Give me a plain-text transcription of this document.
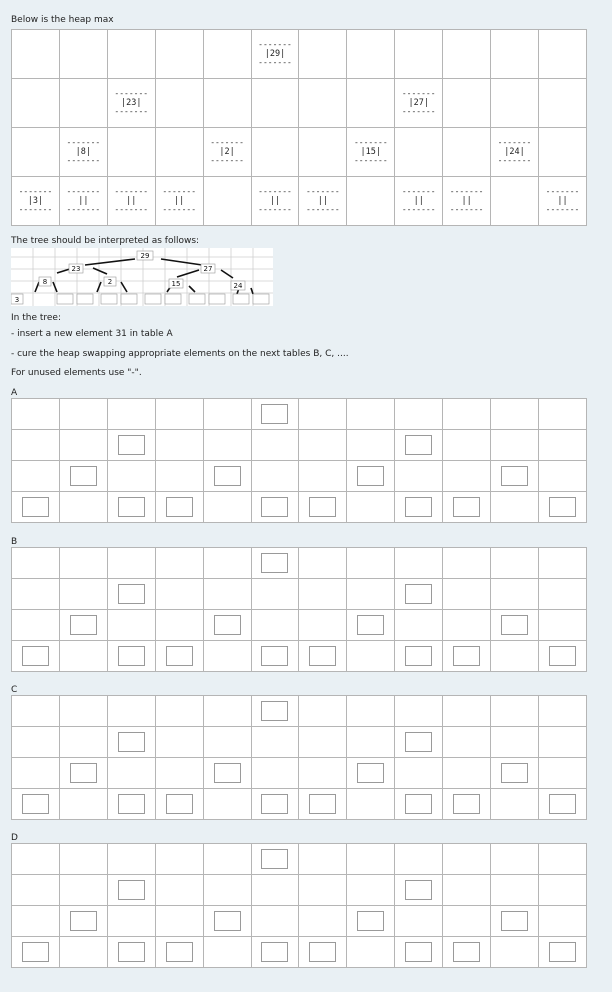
Below is the heap max

					-------
|29|
-------						

		-------
|23|
-------						-------
|27|
-------			

	-------
|8|
-------			-------
|2|
-------			-------
|15|
-------			-------
|24|
-------	

-------
|3|
-------	-------
||
-------	-------
||
-------	-------
||
-------		-------
||
-------	-------
||
-------		-------
||
-------	-------
||
-------		-------
||
-------
The tree should be interpreted as follows:
29
23	27
8	2	15	24
3
In the tree:
- insert a new element 31 in table A
- cure the heap swapping appropriate elements on the next tables B, C, ....
For unused elements use "-".
A

B

C

D
